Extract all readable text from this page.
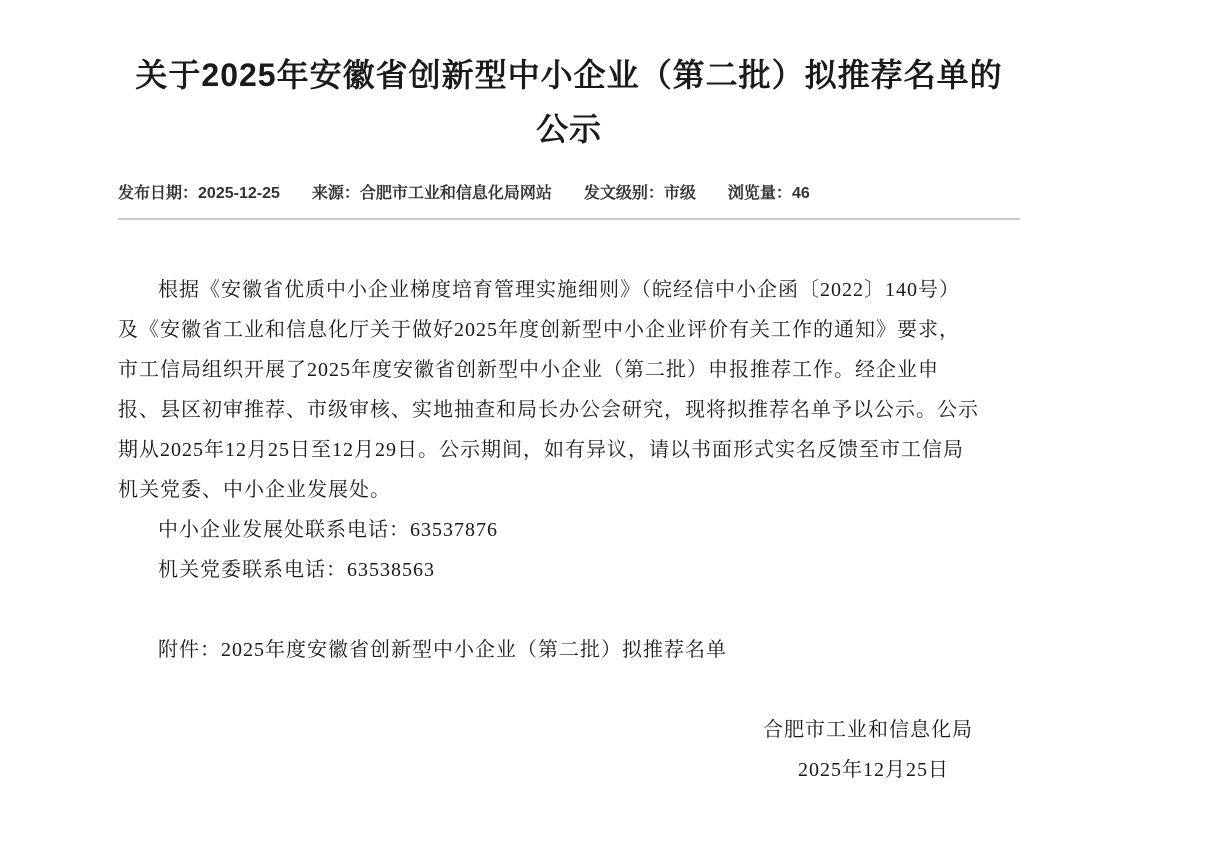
关于2025年安徽省创新型中小企业（第二批）拟推荐名单的
公示
发布日期：2025-12-25 来源：合肥市工业和信息化局网站 发文级别：市级 浏览量：46

根据《安徽省优质中小企业梯度培育管理实施细则》（皖经信中小企函〔2022〕140号）及《安徽省工业和信息化厅关于做好2025年度创新型中小企业评价有关工作的通知》要求，市工信局组织开展了2025年度安徽省创新型中小企业（第二批）申报推荐工作。经企业申报、县区初审推荐、市级审核、实地抽查和局长办公会研究，现将拟推荐名单予以公示。公示期从2025年12月25日至12月29日。公示期间，如有异议，请以书面形式实名反馈至市工信局机关党委、中小企业发展处。

中小企业发展处联系电话：63537876

机关党委联系电话：63538563

附件：2025年度安徽省创新型中小企业（第二批）拟推荐名单

合肥市工业和信息化局
2025年12月25日
